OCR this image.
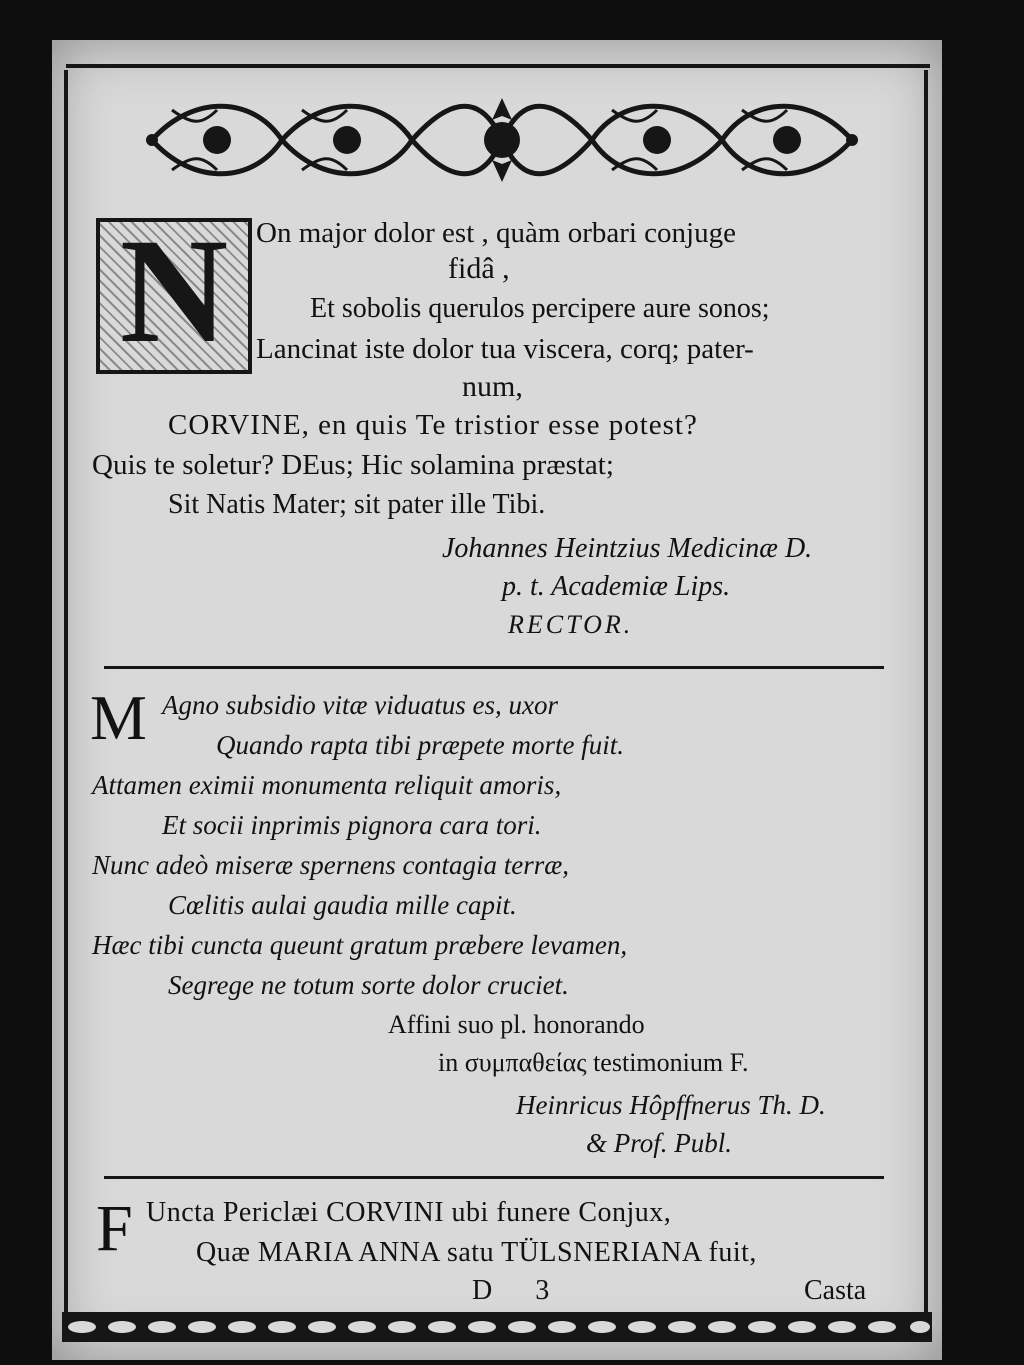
N On major dolor est , quàm orbari conjuge
fidâ ,
Et sobolis querulos percipere aure sonos;
Lancinat iste dolor tua viscera, corq; pater-
num,
CORVINE, en quis Te tristior esse potest?
Quis te soletur? DEus; Hic solamina præstat;
Sit Natis Mater; sit pater ille Tibi.
Johannes Heintzius Medicinæ D.
p. t. Academiæ Lips.
RECTOR.
M Agno subsidio vitæ viduatus es, uxor
Quando rapta tibi præpete morte fuit.
Attamen eximii monumenta reliquit amoris,
Et socii inprimis pignora cara tori.
Nunc adeò miseræ spernens contagia terræ,
Cœlitis aulai gaudia mille capit.
Hæc tibi cuncta queunt gratum præbere levamen,
Segrege ne totum sorte dolor cruciet.
Affini suo pl. honorando
in συμπαθείας testimonium F.
Heinricus Hôpffnerus Th. D.
& Prof. Publ.
F Uncta Periclæi CORVINI ubi funere Conjux,
Quæ MARIA ANNA satu TÜLSNERIANA fuit,
D 3	Casta
